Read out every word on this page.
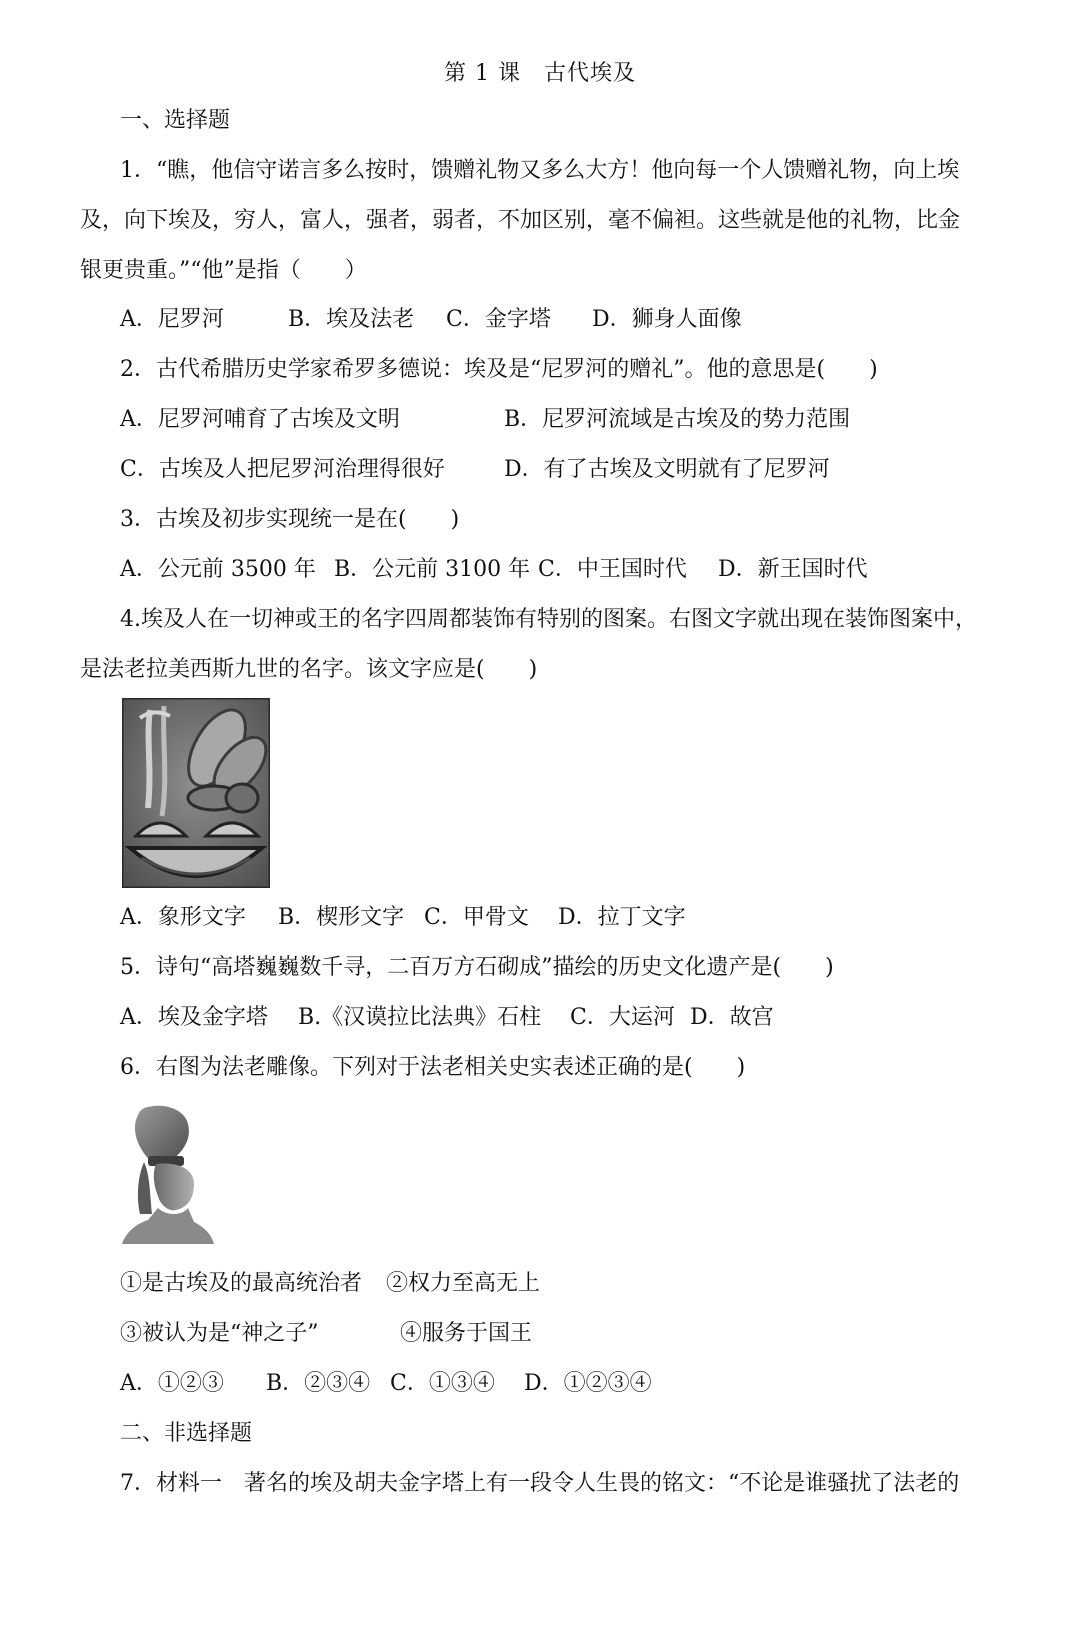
第 1 课　古代埃及
一、选择题
1．“瞧，他信守诺言多么按时，馈赠礼物又多么大方！他向每一个人馈赠礼物，向上埃
及，向下埃及，穷人，富人，强者，弱者，不加区别，毫不偏袒。这些就是他的礼物，比金
银更贵重。”“他”是指（　　）
A．尼罗河	B．埃及法老 C．金字塔 D．狮身人面像
2．古代希腊历史学家希罗多德说：埃及是“尼罗河的赠礼”。他的意思是(　　)
A．尼罗河哺育了古埃及文明	B．尼罗河流域是古埃及的势力范围
C．古埃及人把尼罗河治理得很好	D．有了古埃及文明就有了尼罗河
3．古埃及初步实现统一是在(　　)
A．公元前 3500 年 B．公元前 3100 年 C．中王国时代 D．新王国时代
4.埃及人在一切神或王的名字四周都装饰有特别的图案。右图文字就出现在装饰图案中，
是法老拉美西斯九世的名字。该文字应是(　　)
A．象形文字 B．楔形文字 C．甲骨文 D．拉丁文字
5．诗句“高塔巍巍数千寻，二百万方石砌成”描绘的历史文化遗产是(　　)
A．埃及金字塔 B.《汉谟拉比法典》石柱 C．大运河 D．故宫
6．右图为法老雕像。下列对于法老相关史实表述正确的是(　　)
①是古埃及的最高统治者 ②权力至高无上
③被认为是“神之子”	④服务于国王
A．①②③ B．②③④ C．①③④ D．①②③④
二、非选择题
7．材料一　著名的埃及胡夫金字塔上有一段令人生畏的铭文：“不论是谁骚扰了法老的
